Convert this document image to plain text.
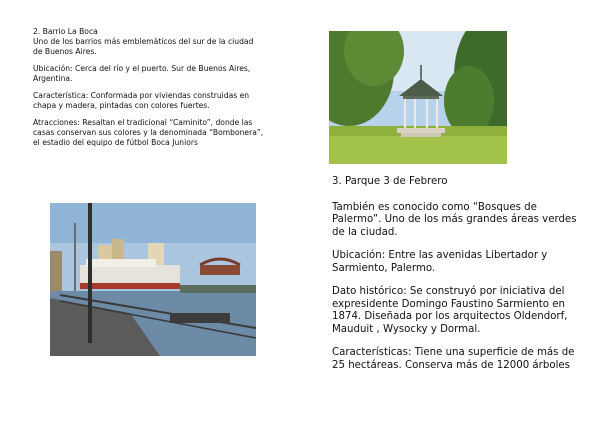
2. Barrio La Boca

Uno de los barrios más emblemáticos del sur de la ciudad de Buenos Aires.

Ubicación: Cerca del río y el puerto. Sur de Buenos Aires, Argentina.

Característica: Conformada por viviendas construidas en chapa y madera, pintadas con colores fuertes.

Atracciones: Resaltan el tradicional “Caminito”, donde las casas conservan sus colores y la denominada “Bombonera”, el estadio del equipo de fútbol Boca Juniors

3. Parque 3 de Febrero

También es conocido como “Bosques de Palermo”. Uno de los más grandes áreas verdes de la ciudad.

Ubicación: Entre las avenidas Libertador y Sarmiento, Palermo.

Dato histórico: Se construyó por iniciativa del expresidente Domingo Faustino Sarmiento en 1874. Diseñada por los arquitectos Oldendorf, Mauduit , Wysocky y Dormal.

Características: Tiene una superficie de más de 25 hectáreas. Conserva más de 12000 árboles
